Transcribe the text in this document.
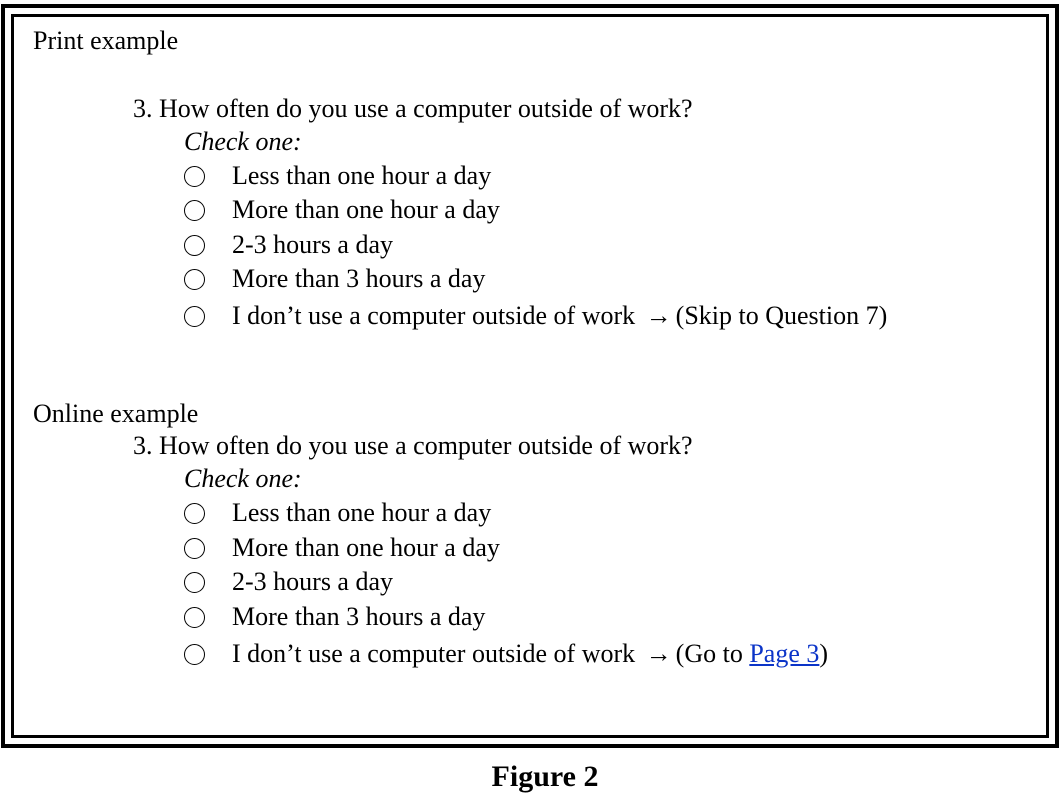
Print example
3. How often do you use a computer outside of work?
Check one:
Less than one hour a day
More than one hour a day
2-3 hours a day
More than 3 hours a day
I don’t use a computer outside of work → (Skip to Question 7)
Online example
3. How often do you use a computer outside of work?
Check one:
Less than one hour a day
More than one hour a day
2-3 hours a day
More than 3 hours a day
I don’t use a computer outside of work → (Go to Page 3)
Figure 2
